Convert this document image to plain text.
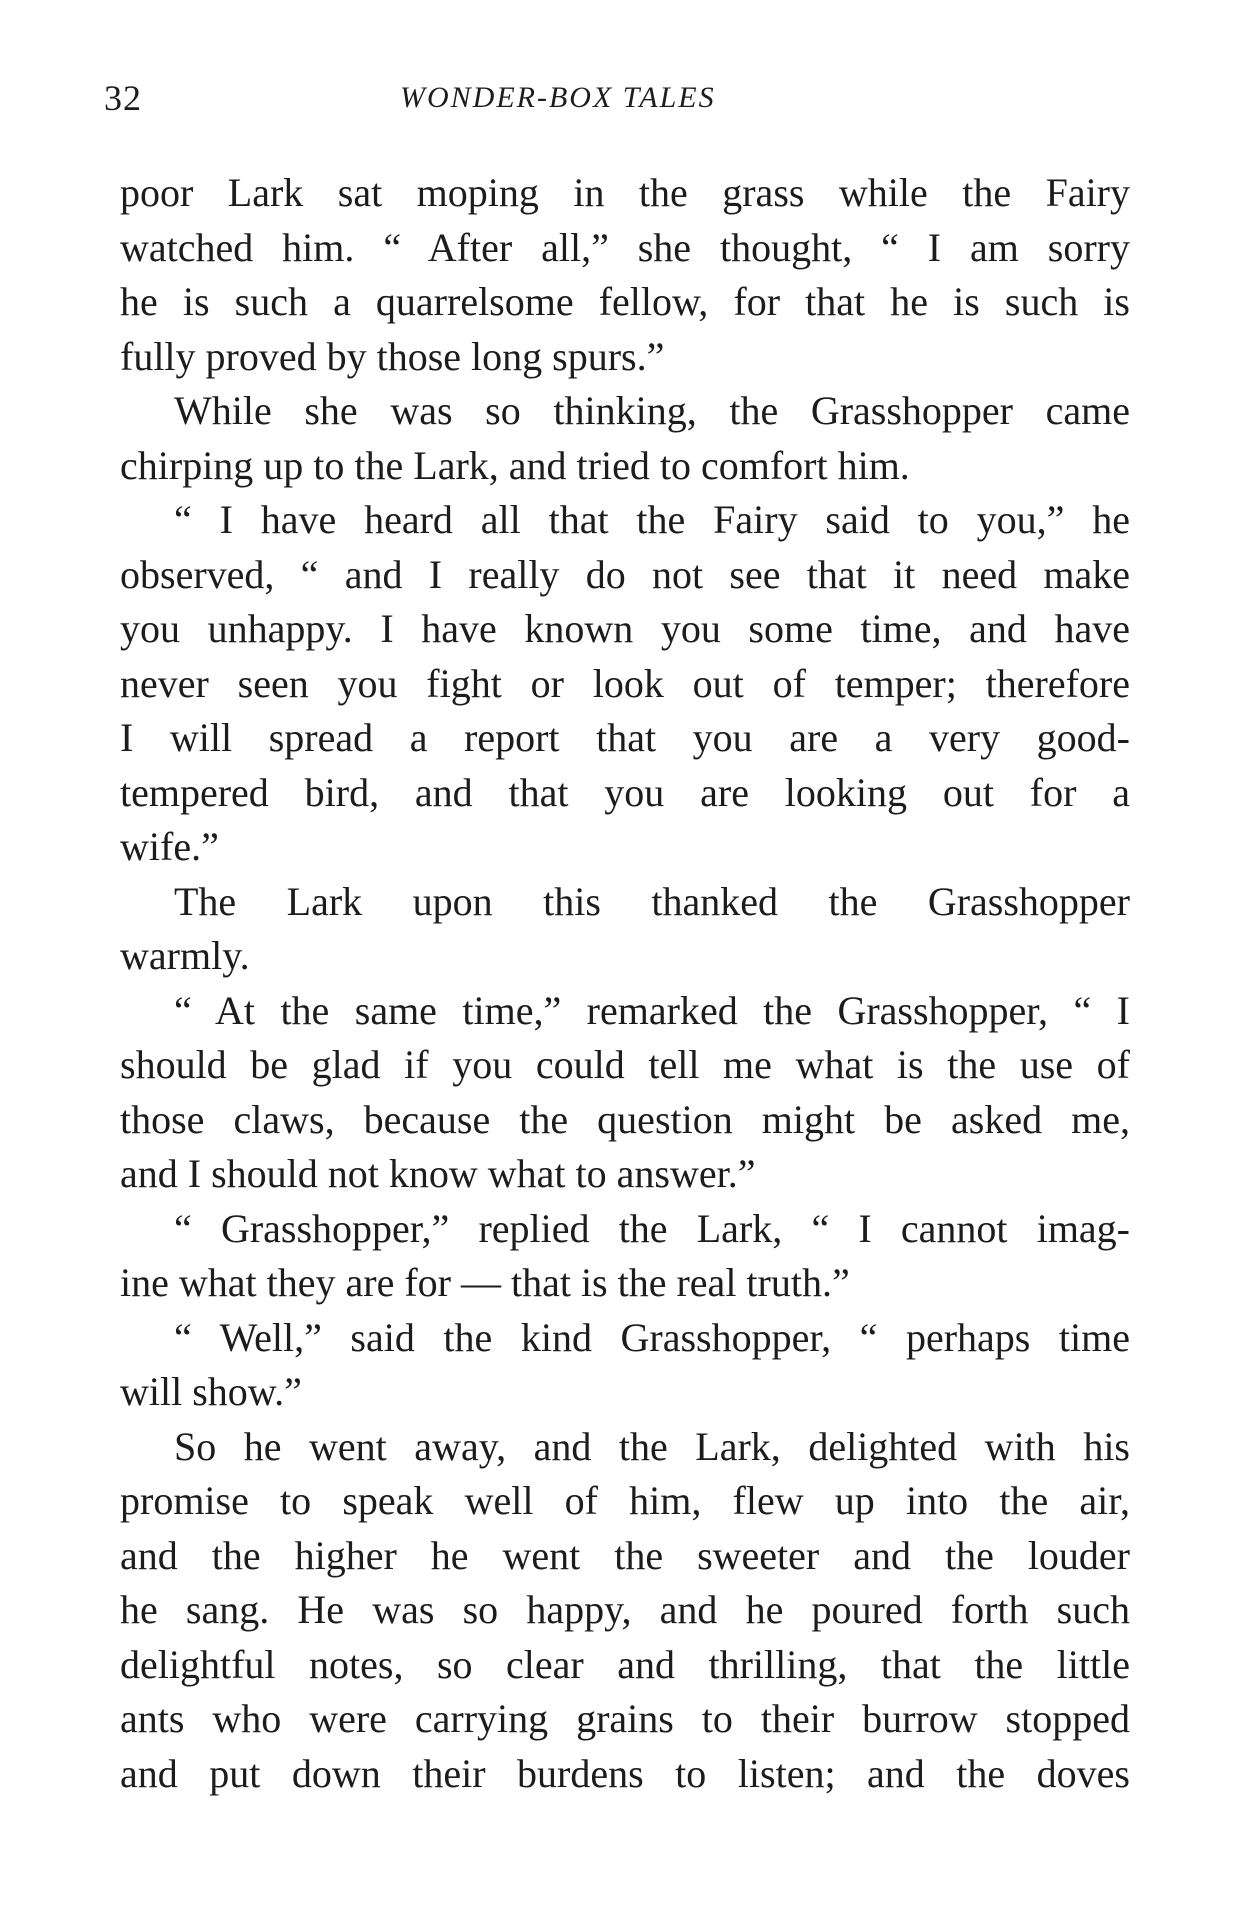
32	WONDER-BOX TALES
poor Lark sat moping in the grass while the Fairy
watched him. “ After all,” she thought, “ I am sorry
he is such a quarrelsome fellow, for that he is such is
fully proved by those long spurs.”
While she was so thinking, the Grasshopper came
chirping up to the Lark, and tried to comfort him.
“ I have heard all that the Fairy said to you,” he
observed, “ and I really do not see that it need make
you unhappy. I have known you some time, and have
never seen you fight or look out of temper; therefore
I will spread a report that you are a very good-
tempered bird, and that you are looking out for a
wife.”
The Lark upon this thanked the Grasshopper
warmly.
“ At the same time,” remarked the Grasshopper, “ I
should be glad if you could tell me what is the use of
those claws, because the question might be asked me,
and I should not know what to answer.”
“ Grasshopper,” replied the Lark, “ I cannot imag-
ine what they are for — that is the real truth.”
“ Well,” said the kind Grasshopper, “ perhaps time
will show.”
So he went away, and the Lark, delighted with his
promise to speak well of him, flew up into the air,
and the higher he went the sweeter and the louder
he sang. He was so happy, and he poured forth such
delightful notes, so clear and thrilling, that the little
ants who were carrying grains to their burrow stopped
and put down their burdens to listen; and the doves
